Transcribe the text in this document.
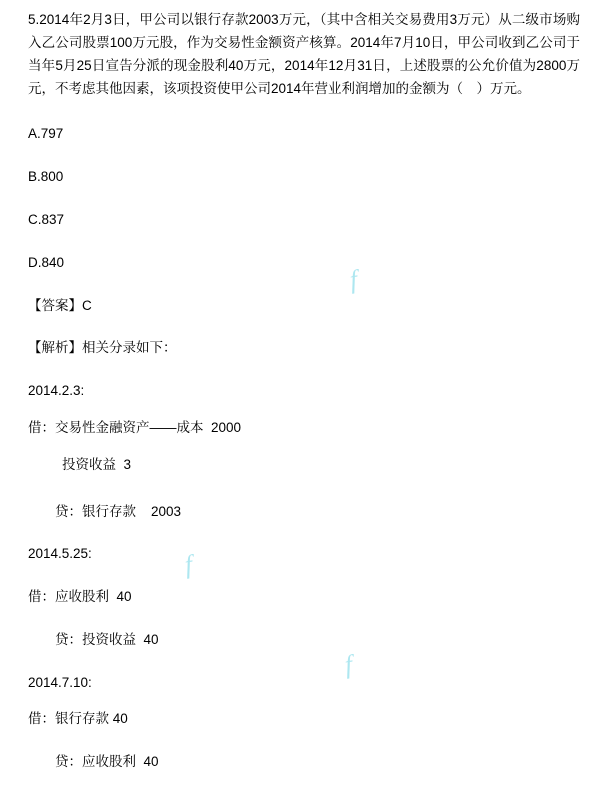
5.2014年2月3日，甲公司以银行存款2003万元，（其中含相关交易费用3万元）从二级市场购入乙公司股票100万元股，作为交易性金额资产核算。2014年7月10日，甲公司收到乙公司于当年5月25日宣告分派的现金股利40万元，2014年12月31日，上述股票的公允价值为2800万元，不考虑其他因素，该项投资使甲公司2014年营业利润增加的金额为（　）万元。

A.797
B.800
C.837
D.840
【答案】C
【解析】相关分录如下：
2014.2.3:
借：交易性金融资产——成本  2000
投资收益  3
贷：银行存款    2003
2014.5.25:
借：应收股利  40
贷：投资收益  40
2014.7.10:
借：银行存款 40
贷：应收股利  40
f
f
f
